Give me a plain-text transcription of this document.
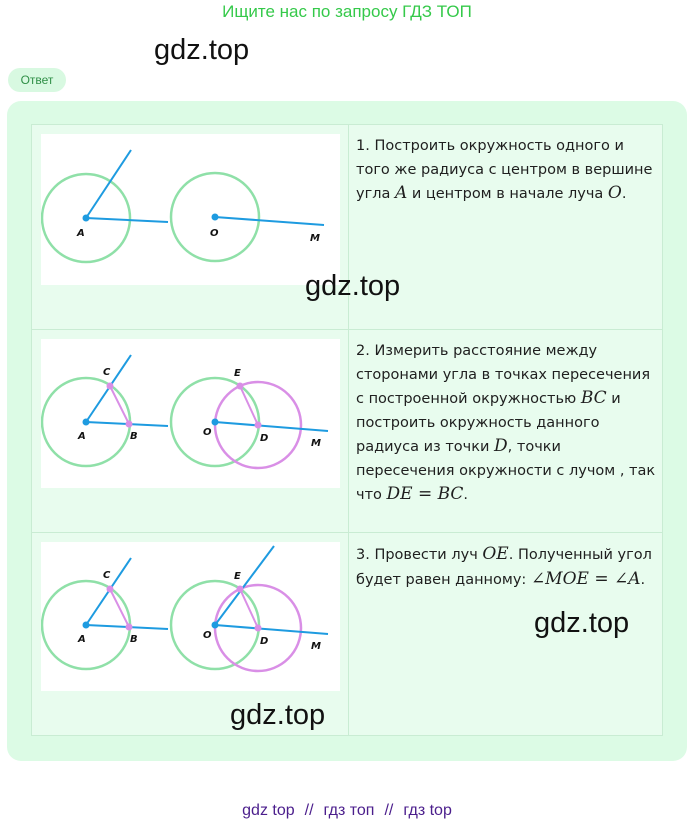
Ищите нас по запросу ГДЗ ТОП
gdz.top
Ответ
A	O	M
1. Построить окружность одного и того же радиуса с центром в вершине угла A и центром в начале луча O.
A	B
C
O
D
E
M
2. Измерить расстояние между сторонами угла в точках пересечения с построенной окружностью BC и построить окружность данного радиуса из точки D, точки пересечения окружности с лучом , так что DE = BC.
A	B
C
O
D
E
M
3. Провести луч OE. Полученный угол будет равен данному: ∠MOE = ∠A.
gdz.top
gdz.top
gdz.top
gdz top // гдз топ // гдз top
